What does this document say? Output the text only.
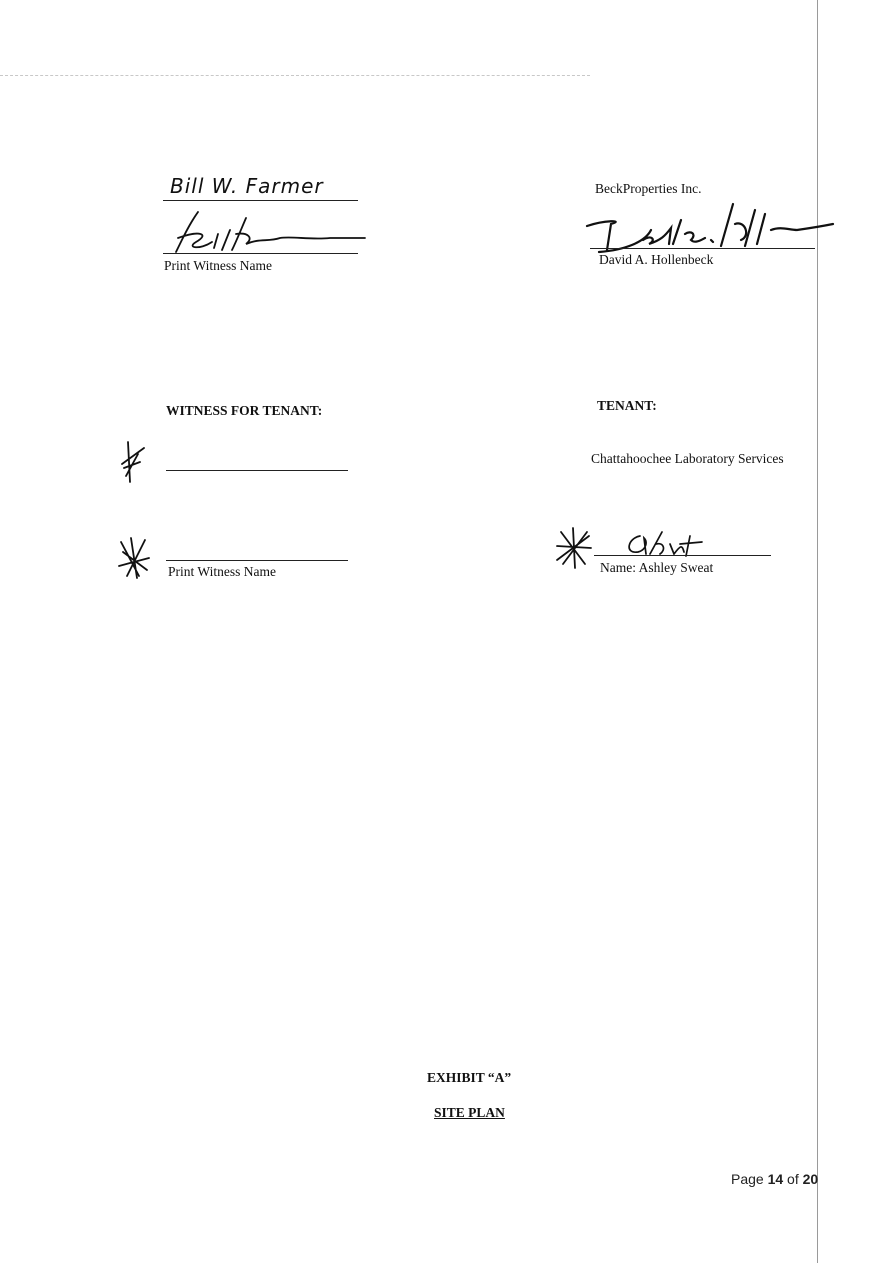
Bill W. Farmer
Print Witness Name
BeckProperties Inc.
David A. Hollenbeck
WITNESS FOR TENANT:
Print Witness Name
TENANT:
Chattahoochee Laboratory Services
Name: Ashley Sweat
EXHIBIT “A”
SITE PLAN
Page 14 of 20
